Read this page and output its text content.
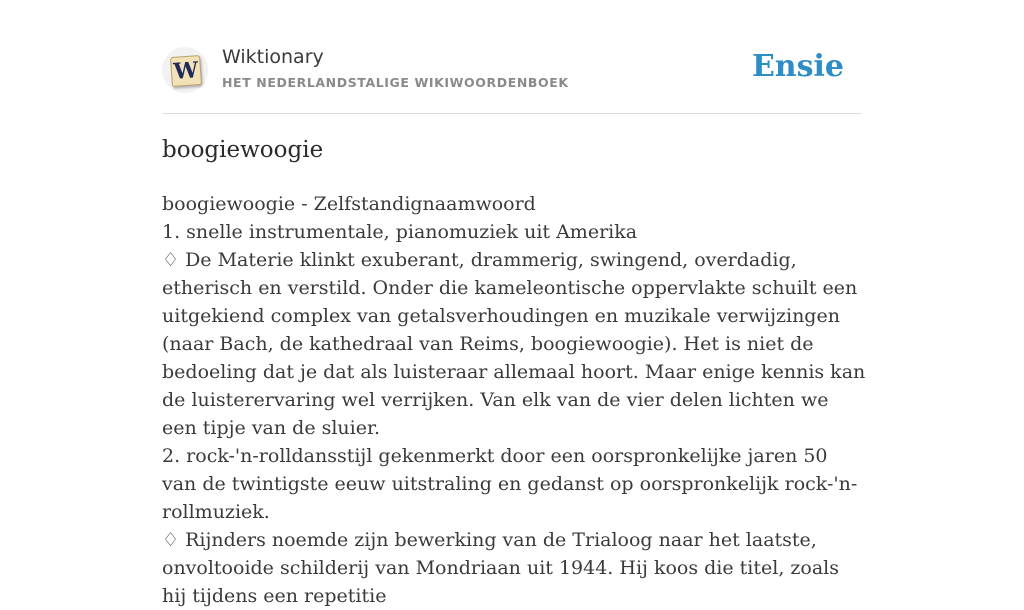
W
Wiktionary
HET NEDERLANDSTALIGE WIKIWOORDENBOEK	Ensie
boogiewoogie

boogiewoogie - Zelfstandignaamwoord

1. snelle instrumentale, pianomuziek uit Amerika

♢ De Materie klinkt exuberant, drammerig, swingend, overdadig, etherisch en verstild. Onder die kameleontische oppervlakte schuilt een uitgekiend complex van getalsverhoudingen en muzikale verwijzingen (naar Bach, de kathedraal van Reims, boogiewoogie). Het is niet de bedoeling dat je dat als luisteraar allemaal hoort. Maar enige kennis kan de luisterervaring wel verrijken. Van elk van de vier delen lichten we een tipje van de sluier.

2. rock-'n-rolldansstijl gekenmerkt door een oorspronkelijke jaren 50 van de twintigste eeuw uitstraling en gedanst op oorspronkelijk rock-'n-rollmuziek.

♢ Rijnders noemde zijn bewerking van de Trialoog naar het laatste, onvoltooide schilderij van Mondriaan uit 1944. Hij koos die titel, zoals hij tijdens een repetitie
